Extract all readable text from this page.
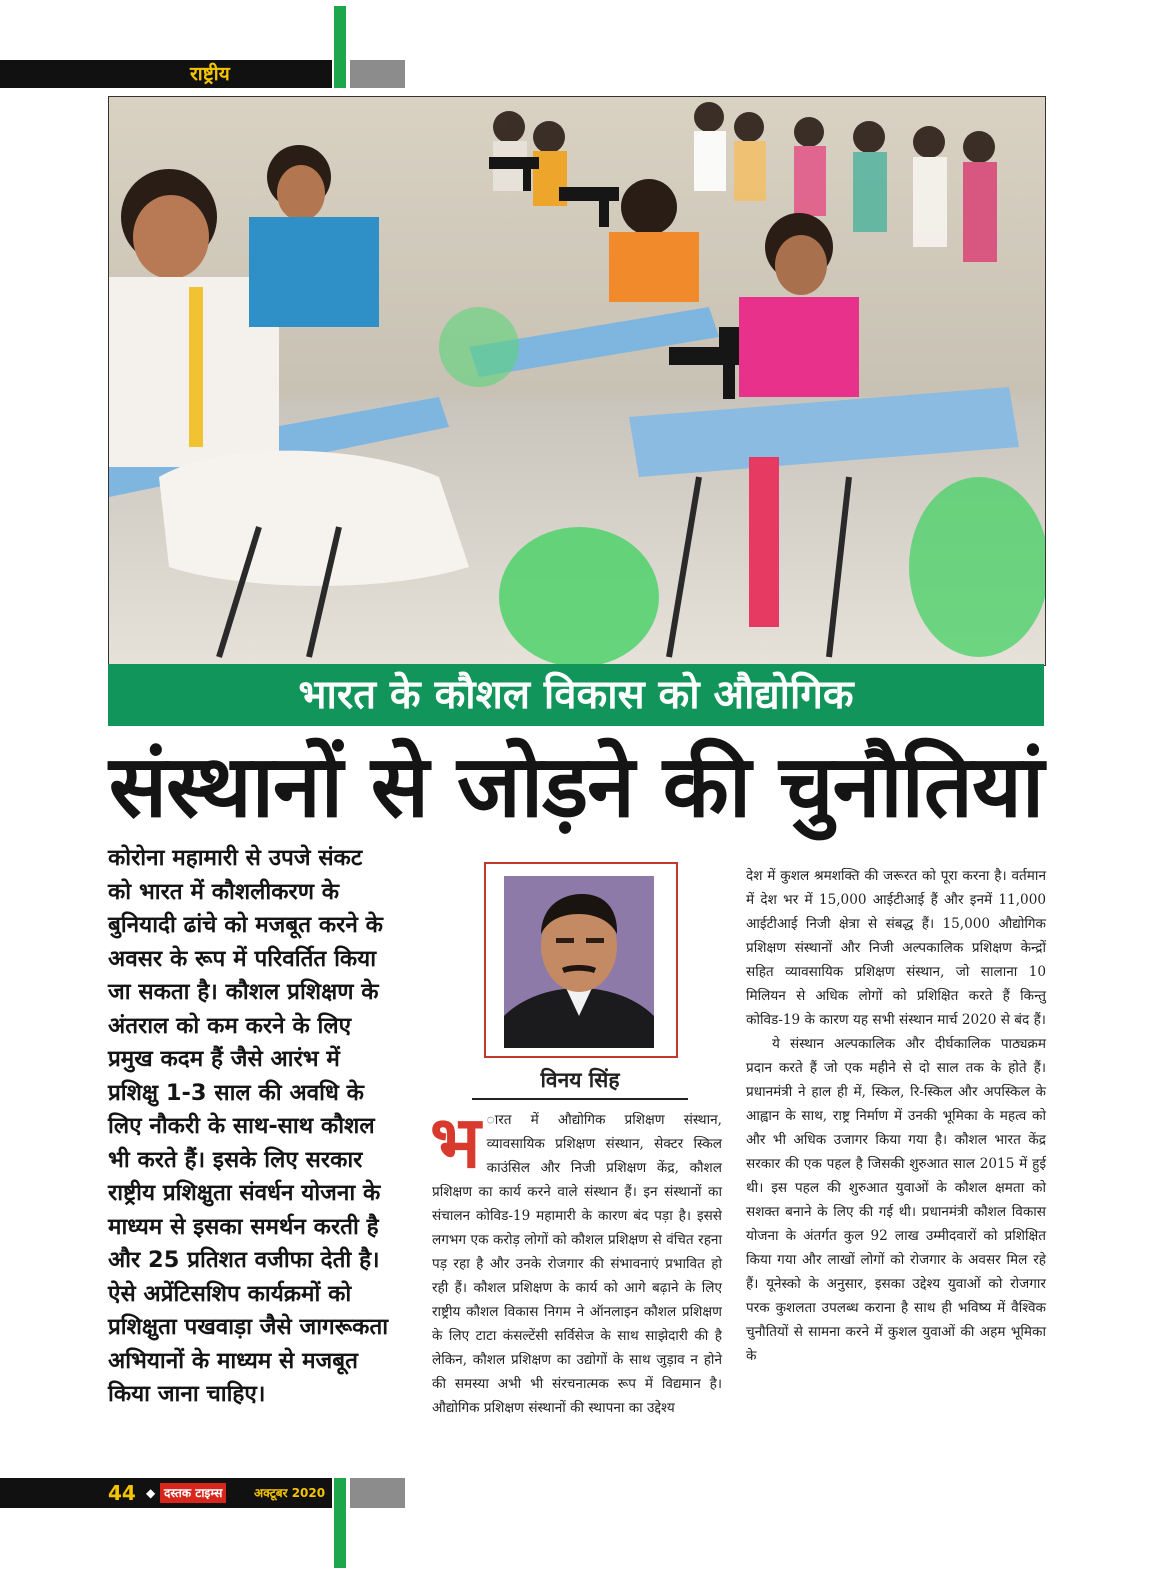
राष्ट्रीय
भारत के कौशल विकास को औद्योगिक
संस्थानों से जोड़ने की चुनौतियां

कोरोना महामारी से उपजे संकट को भारत में कौशलीकरण के बुनियादी ढांचे को मजबूत करने के अवसर के रूप में परिवर्तित किया जा सकता है। कौशल प्रशिक्षण के अंतराल को कम करने के लिए प्रमुख कदम हैं जैसे आरंभ में प्रशिक्षु 1-3 साल की अवधि के लिए नौकरी के साथ-साथ कौशल भी करते हैं। इसके लिए सरकार राष्ट्रीय प्रशिक्षुता संवर्धन योजना के माध्यम से इसका समर्थन करती है और 25 प्रतिशत वजीफा देती है। ऐसे अप्रेंटिसशिप कार्यक्रमों को प्रशिक्षुता पखवाड़ा जैसे जागरूकता अभियानों के माध्यम से मजबूत किया जाना चाहिए।

विनय सिंह

भ ारत में औद्योगिक प्रशिक्षण संस्थान, व्यावसायिक प्रशिक्षण संस्थान, सेक्टर स्किल काउंसिल और निजी प्रशिक्षण केंद्र, कौशल प्रशिक्षण का कार्य करने वाले संस्थान हैं। इन संस्थानों का संचालन कोविड-19 महामारी के कारण बंद पड़ा है। इससे लगभग एक करोड़ लोगों को कौशल प्रशिक्षण से वंचित रहना पड़ रहा है और उनके रोजगार की संभावनाएं प्रभावित हो रही हैं। कौशल प्रशिक्षण के कार्य को आगे बढ़ाने के लिए राष्ट्रीय कौशल विकास निगम ने ऑनलाइन कौशल प्रशिक्षण के लिए टाटा कंसल्टेंसी सर्विसेज के साथ साझेदारी की है लेकिन, कौशल प्रशिक्षण का उद्योगों के साथ जुड़ाव न होने की समस्या अभी भी संरचनात्मक रूप में विद्यमान है। औद्योगिक प्रशिक्षण संस्थानों की स्थापना का उद्देश्य

देश में कुशल श्रमशक्ति की जरूरत को पूरा करना है। वर्तमान में देश भर में 15,000 आईटीआई हैं और इनमें 11,000 आईटीआई निजी क्षेत्रा से संबद्ध हैं। 15,000 औद्योगिक प्रशिक्षण संस्थानों और निजी अल्पकालिक प्रशिक्षण केन्द्रों सहित व्यावसायिक प्रशिक्षण संस्थान, जो सालाना 10 मिलियन से अधिक लोगों को प्रशिक्षित करते हैं किन्तु कोविड-19 के कारण यह सभी संस्थान मार्च 2020 से बंद हैं।

ये संस्थान अल्पकालिक और दीर्घकालिक पाठ्यक्रम प्रदान करते हैं जो एक महीने से दो साल तक के होते हैं। प्रधानमंत्री ने हाल ही में, स्किल, रि-स्किल और अपस्किल के आह्वान के साथ, राष्ट्र निर्माण में उनकी भूमिका के महत्व को और भी अधिक उजागर किया गया है। कौशल भारत केंद्र सरकार की एक पहल है जिसकी शुरुआत साल 2015 में हुई थी। इस पहल की शुरुआत युवाओं के कौशल क्षमता को सशक्त बनाने के लिए की गई थी। प्रधानमंत्री कौशल विकास योजना के अंतर्गत कुल 92 लाख उम्मीदवारों को प्रशिक्षित किया गया और लाखों लोगों को रोजगार के अवसर मिल रहे हैं। यूनेस्को के अनुसार, इसका उद्देश्य युवाओं को रोजगार परक कुशलता उपलब्ध कराना है साथ ही भविष्य में वैश्विक चुनौतियों से सामना करने में कुशल युवाओं की अहम भूमिका के

44 ◆ दस्तक टाइम्स	अक्टूबर 2020
